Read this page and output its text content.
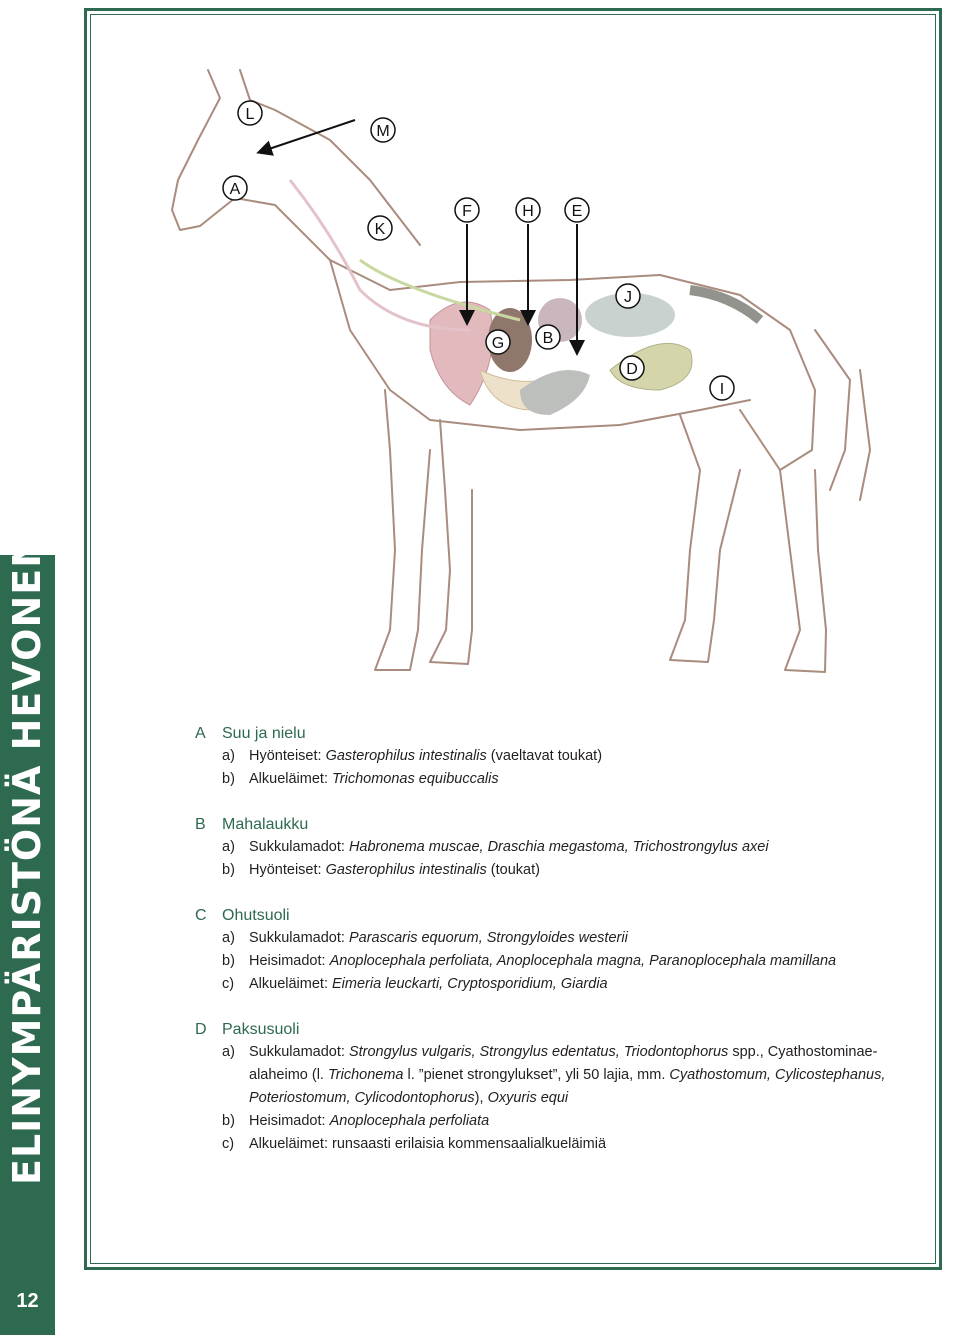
ELINYMPÄRISTÖNÄ HEVONEN
12
L
M
A
K
F	H E
J
G B
D
I
A	Suu ja nielu
a) Hyönteiset: Gasterophilus intestinalis (vaeltavat toukat)
b) Alkueläimet: Trichomonas equibuccalis
B	Mahalaukku
a) Sukkulamadot: Habronema muscae, Draschia megastoma, Trichostrongylus axei
b) Hyönteiset: Gasterophilus intestinalis (toukat)
C Ohutsuoli
a) Sukkulamadot: Parascaris equorum, Strongyloides westerii
b) Heisimadot: Anoplocephala perfoliata, Anoplocephala magna, Paranoplocephala mamillana
c)	Alkueläimet: Eimeria leuckarti, Cryptosporidium, Giardia
D Paksusuoli
a) Sukkulamadot: Strongylus vulgaris, Strongylus edentatus, Triodontophorus spp., Cyathostominae-alaheimo (l. Trichonema l. ”pienet strongylukset”, yli 50 lajia, mm. Cyathostomum, Cylicostephanus, Poteriostomum, Cylicodontophorus), Oxyuris equi
b) Heisimadot: Anoplocephala perfoliata
c)	Alkueläimet: runsaasti erilaisia kommensaalialkueläimiä
